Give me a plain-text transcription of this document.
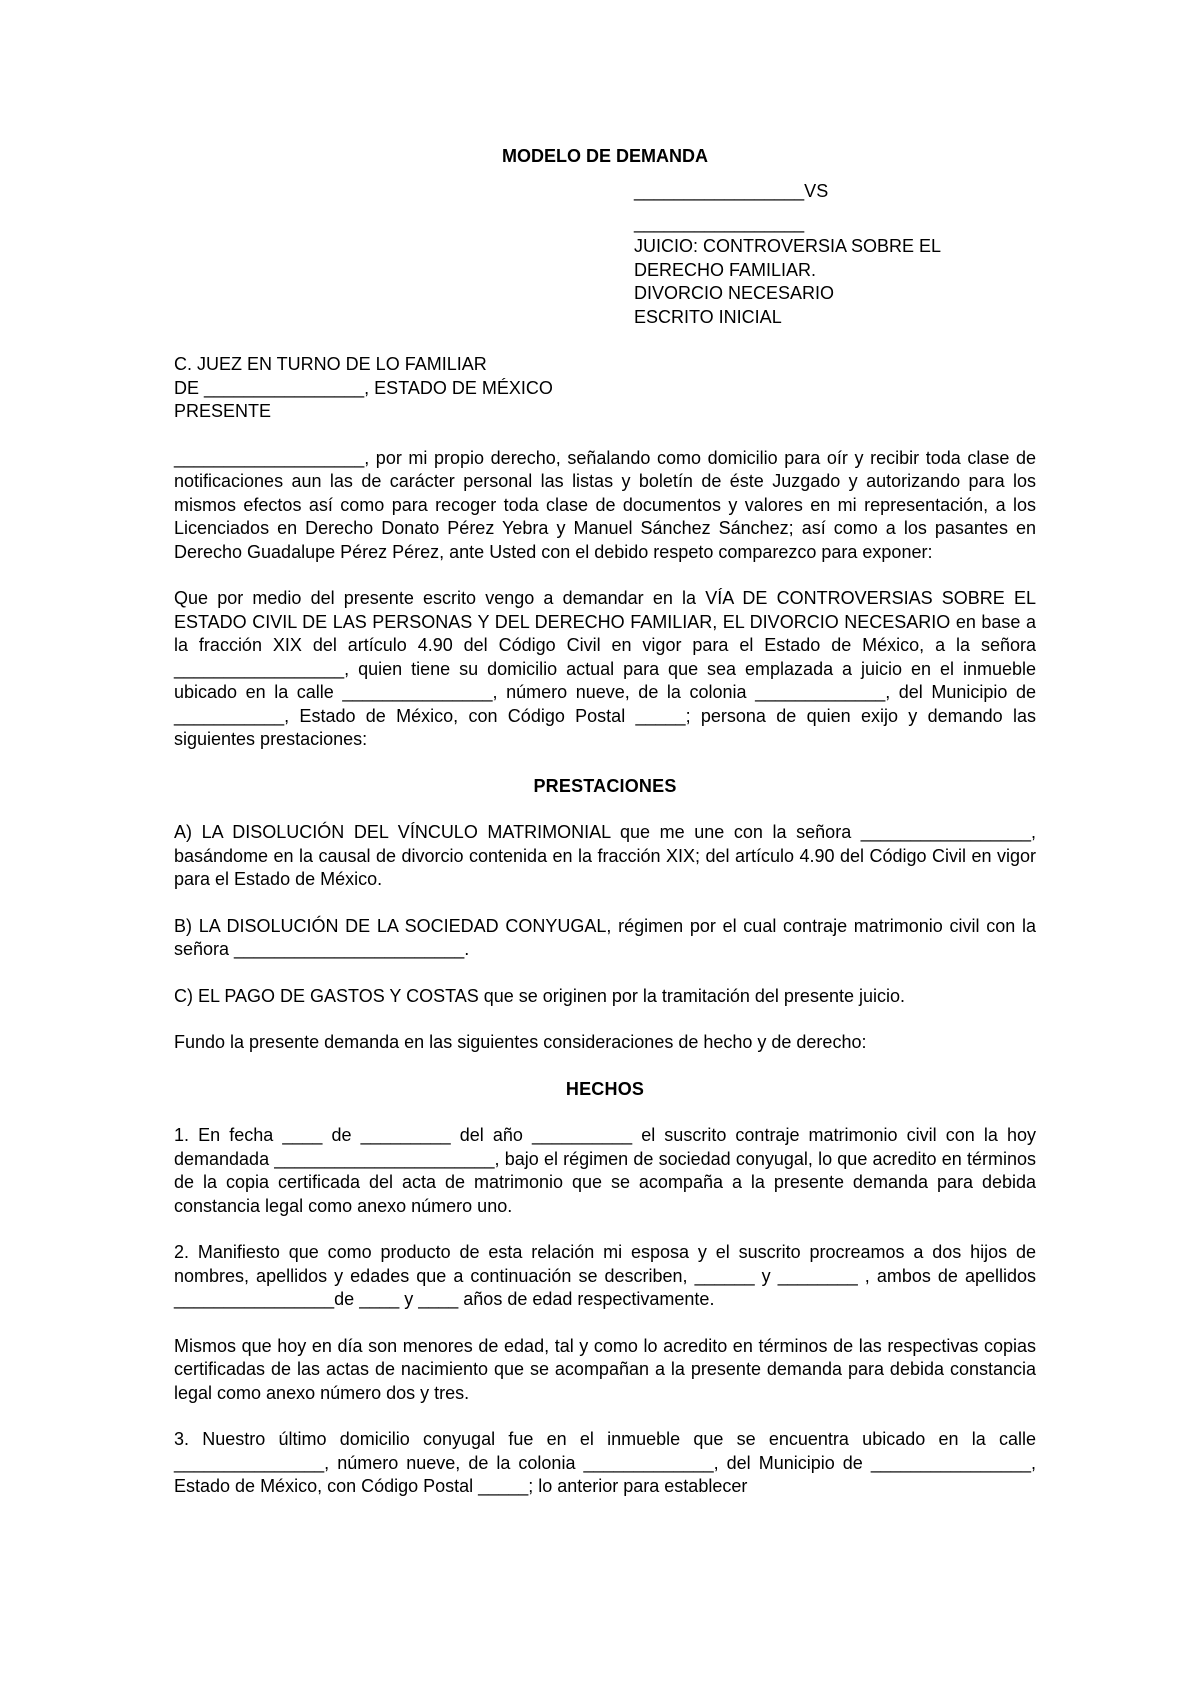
MODELO DE DEMANDA

_________________VS
_________________
JUICIO: CONTROVERSIA SOBRE EL
DERECHO FAMILIAR.
DIVORCIO NECESARIO
ESCRITO INICIAL
C. JUEZ EN TURNO DE LO FAMILIAR
DE ________________, ESTADO DE MÉXICO
PRESENTE

___________________, por mi propio derecho, señalando como domicilio para oír y recibir toda clase de notificaciones aun las de carácter personal las listas y boletín de éste Juzgado y autorizando para los mismos efectos así como para recoger toda clase de documentos y valores en mi representación, a los Licenciados en Derecho Donato Pérez Yebra y Manuel Sánchez Sánchez; así como a los pasantes en Derecho Guadalupe Pérez Pérez, ante Usted con el debido respeto comparezco para exponer:

Que por medio del presente escrito vengo a demandar en la VÍA DE CONTROVERSIAS SOBRE EL ESTADO CIVIL DE LAS PERSONAS Y DEL DERECHO FAMILIAR, EL DIVORCIO NECESARIO en base a la fracción XIX del artículo 4.90 del Código Civil en vigor para el Estado de México, a la señora _________________, quien tiene su domicilio actual para que sea emplazada a juicio en el inmueble ubicado en la calle _______________, número nueve, de la colonia _____________, del Municipio de ___________, Estado de México, con Código Postal _____; persona de quien exijo y demando las siguientes prestaciones:

PRESTACIONES

A) LA DISOLUCIÓN DEL VÍNCULO MATRIMONIAL que me une con la señora _________________, basándome en la causal de divorcio contenida en la fracción XIX; del artículo 4.90 del Código Civil en vigor para el Estado de México.

B) LA DISOLUCIÓN DE LA SOCIEDAD CONYUGAL, régimen por el cual contraje matrimonio civil con la señora _______________________.

C) EL PAGO DE GASTOS Y COSTAS que se originen por la tramitación del presente juicio.

Fundo la presente demanda en las siguientes consideraciones de hecho y de derecho:

HECHOS

1. En fecha ____ de _________ del año __________ el suscrito contraje matrimonio civil con la hoy demandada ______________________, bajo el régimen de sociedad conyugal, lo que acredito en términos de la copia certificada del acta de matrimonio que se acompaña a la presente demanda para debida constancia legal como anexo número uno.

2. Manifiesto que como producto de esta relación mi esposa y el suscrito procreamos a dos hijos de nombres, apellidos y edades que a continuación se describen, ______ y ________ , ambos de apellidos ________________de ____ y ____ años de edad respectivamente.

Mismos que hoy en día son menores de edad, tal y como lo acredito en términos de las respectivas copias certificadas de las actas de nacimiento que se acompañan a la presente demanda para debida constancia legal como anexo número dos y tres.

3. Nuestro último domicilio conyugal fue en el inmueble que se encuentra ubicado en la calle _______________, número nueve, de la colonia _____________, del Municipio de ________________, Estado de México, con Código Postal _____; lo anterior para establecer
